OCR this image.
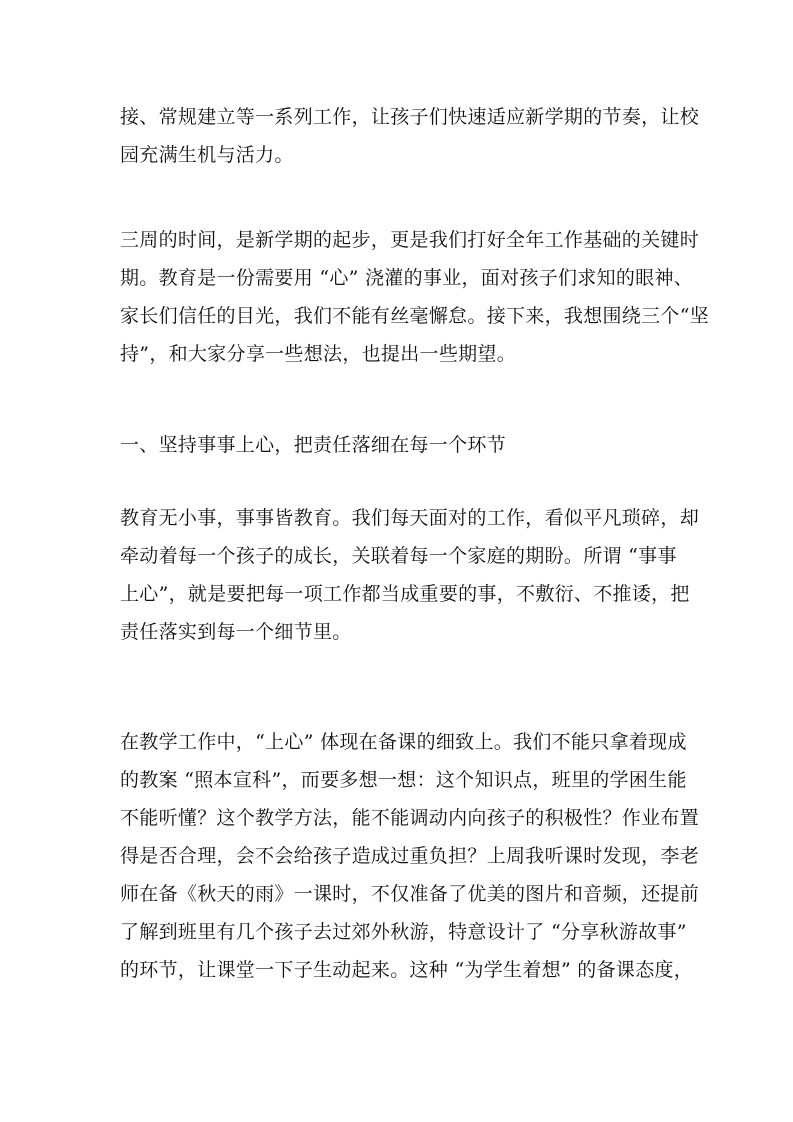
接、常规建立等一系列工作，让孩子们快速适应新学期的节奏，让校
园充满生机与活力。
三周的时间，是新学期的起步，更是我们打好全年工作基础的关键时
期。教育是一份需要用 “心” 浇灌的事业，面对孩子们求知的眼神、
家长们信任的目光，我们不能有丝毫懈怠。接下来，我想围绕三个“坚
持”，和大家分享一些想法，也提出一些期望。
一、坚持事事上心，把责任落细在每一个环节
教育无小事，事事皆教育。我们每天面对的工作，看似平凡琐碎，却
牵动着每一个孩子的成长，关联着每一个家庭的期盼。所谓 “事事
上心”，就是要把每一项工作都当成重要的事，不敷衍、不推诿，把
责任落实到每一个细节里。
在教学工作中，“上心” 体现在备课的细致上。我们不能只拿着现成
的教案 “照本宣科”，而要多想一想：这个知识点，班里的学困生能
不能听懂？这个教学方法，能不能调动内向孩子的积极性？作业布置
得是否合理，会不会给孩子造成过重负担？上周我听课时发现，李老
师在备《秋天的雨》一课时，不仅准备了优美的图片和音频，还提前
了解到班里有几个孩子去过郊外秋游，特意设计了 “分享秋游故事”
的环节，让课堂一下子生动起来。这种 “为学生着想” 的备课态度，
